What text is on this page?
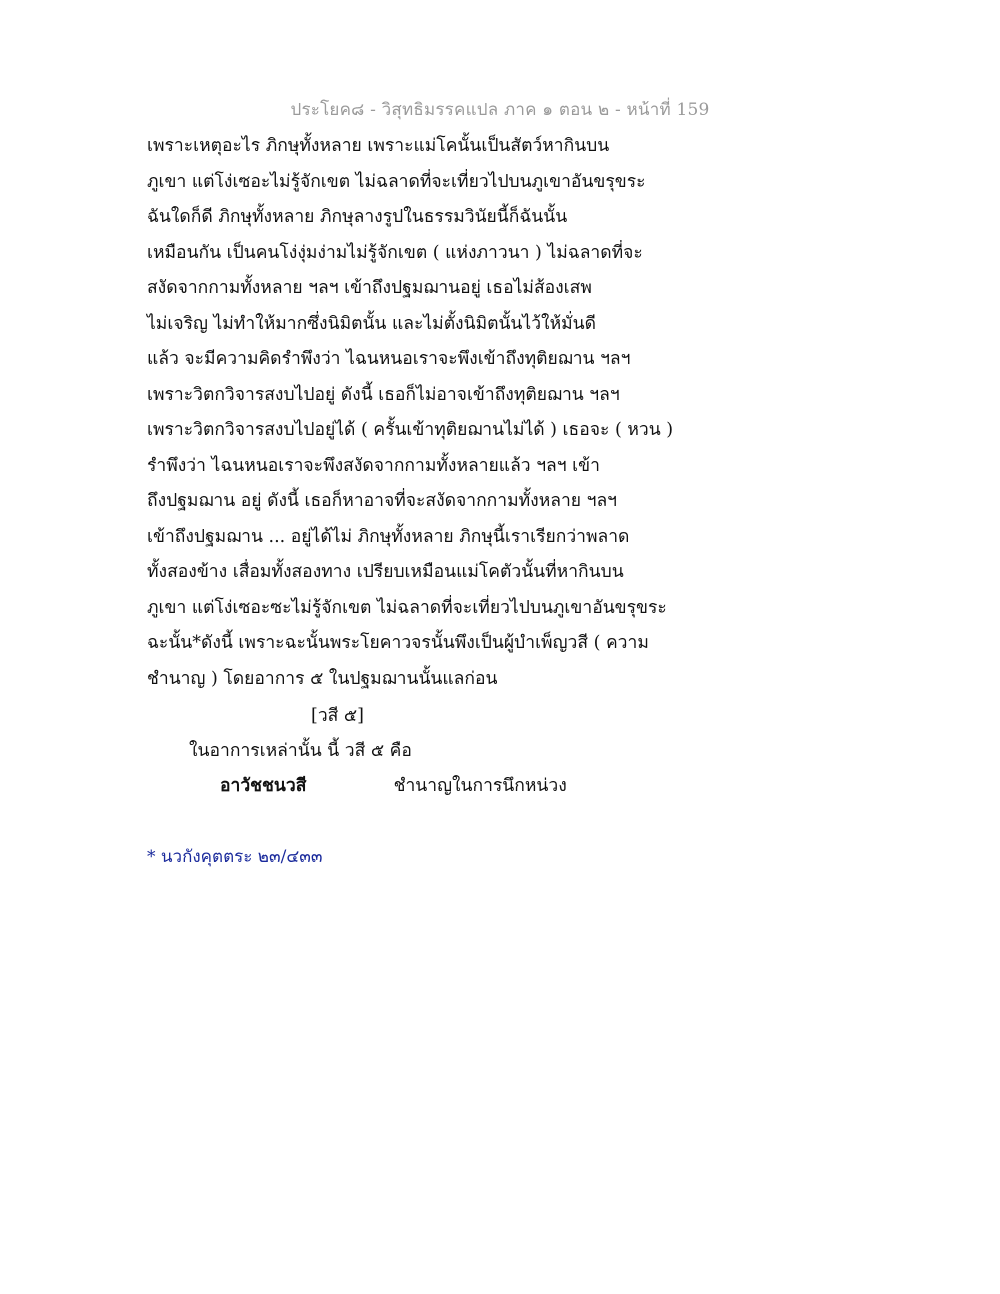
ประโยค๘ - วิสุทธิมรรคแปล ภาค ๑ ตอน ๒ - หน้าที่ 159
เพราะเหตุอะไร ภิกษุทั้งหลาย เพราะแม่โคนั้นเป็นสัตว์หากินบน
ภูเขา แต่โง่เซอะไม่รู้จักเขต ไม่ฉลาดที่จะเที่ยวไปบนภูเขาอันขรุขระ
ฉันใดก็ดี ภิกษุทั้งหลาย ภิกษุลางรูปในธรรมวินัยนี้ก็ฉันนั้น
เหมือนกัน เป็นคนโง่งุ่มง่ามไม่รู้จักเขต ( แห่งภาวนา ) ไม่ฉลาดที่จะ
สงัดจากกามทั้งหลาย ฯลฯ เข้าถึงปฐมฌานอยู่ เธอไม่ส้องเสพ
ไม่เจริญ ไม่ทำให้มากซึ่งนิมิตนั้น และไม่ตั้งนิมิตนั้นไว้ให้มั่นดี
แล้ว จะมีความคิดรำพึงว่า ไฉนหนอเราจะพึงเข้าถึงทุติยฌาน ฯลฯ
เพราะวิตกวิจารสงบไปอยู่ ดังนี้ เธอก็ไม่อาจเข้าถึงทุติยฌาน ฯลฯ
เพราะวิตกวิจารสงบไปอยู่ได้ ( ครั้นเข้าทุติยฌานไม่ได้ ) เธอจะ ( หวน )
รำพึงว่า ไฉนหนอเราจะพึงสงัดจากกามทั้งหลายแล้ว ฯลฯ เข้า
ถึงปฐมฌาน อยู่ ดังนี้ เธอก็หาอาจที่จะสงัดจากกามทั้งหลาย ฯลฯ
เข้าถึงปฐมฌาน ... อยู่ได้ไม่ ภิกษุทั้งหลาย ภิกษุนี้เราเรียกว่าพลาด
ทั้งสองข้าง เสื่อมทั้งสองทาง เปรียบเหมือนแม่โคตัวนั้นที่หากินบน
ภูเขา แต่โง่เซอะซะไม่รู้จักเขต ไม่ฉลาดที่จะเที่ยวไปบนภูเขาอันขรุขระ
ฉะนั้น*ดังนี้ เพราะฉะนั้นพระโยคาวจรนั้นพึงเป็นผู้บำเพ็ญวสี ( ความ
ชำนาญ ) โดยอาการ ๕ ในปฐมฌานนั้นแลก่อน
[วสี ๕]
ในอาการเหล่านั้น นี้ วสี ๕ คือ
อาวัชชนวสี	ชำนาญในการนึกหน่วง
* นวกังคุตตระ ๒๓/๔๓๓
